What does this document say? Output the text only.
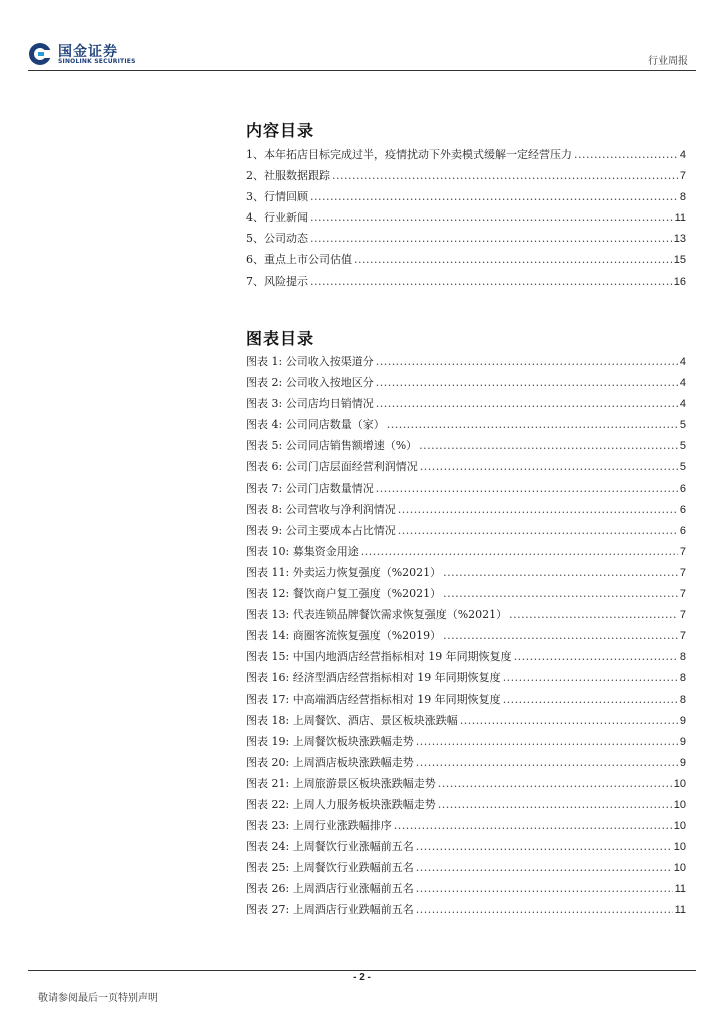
国金证券
SINOLINK SECURITIES	行业周报
内容目录
1、本年拓店目标完成过半，疫情扰动下外卖模式缓解一定经营压力 .....	4
2、社服数据跟踪 .....	7
3、行情回顾 .....	8
4、行业新闻 .....	11
5、公司动态 .....	13
6、重点上市公司估值 .....	15
7、风险提示 .....	16
图表目录
图表 1: 公司收入按渠道分 .....	4
图表 2: 公司收入按地区分 .....	4
图表 3: 公司店均日销情况 .....	4
图表 4: 公司同店数量（家） .....	5
图表 5: 公司同店销售额增速（%） .....	5
图表 6: 公司门店层面经营利润情况 .....	5
图表 7: 公司门店数量情况 .....	6
图表 8: 公司营收与净利润情况 .....	6
图表 9: 公司主要成本占比情况 .....	6
图表 10: 募集资金用途 .....	7
图表 11: 外卖运力恢复强度（%2021） .....	7
图表 12: 餐饮商户复工强度（%2021） .....	7
图表 13: 代表连锁品牌餐饮需求恢复强度（%2021） .....	7
图表 14: 商圈客流恢复强度（%2019） .....	7
图表 15: 中国内地酒店经营指标相对 19 年同期恢复度 .....	8
图表 16: 经济型酒店经营指标相对 19 年同期恢复度 .....	8
图表 17: 中高端酒店经营指标相对 19 年同期恢复度 .....	8
图表 18: 上周餐饮、酒店、景区板块涨跌幅 .....	9
图表 19: 上周餐饮板块涨跌幅走势 .....	9
图表 20: 上周酒店板块涨跌幅走势 .....	9
图表 21: 上周旅游景区板块涨跌幅走势 .....	10
图表 22: 上周人力服务板块涨跌幅走势 .....	10
图表 23: 上周行业涨跌幅排序 .....	10
图表 24: 上周餐饮行业涨幅前五名 .....	10
图表 25: 上周餐饮行业跌幅前五名 .....	10
图表 26: 上周酒店行业涨幅前五名 .....	11
图表 27: 上周酒店行业跌幅前五名 .....	11
- 2 -
敬请参阅最后一页特别声明
